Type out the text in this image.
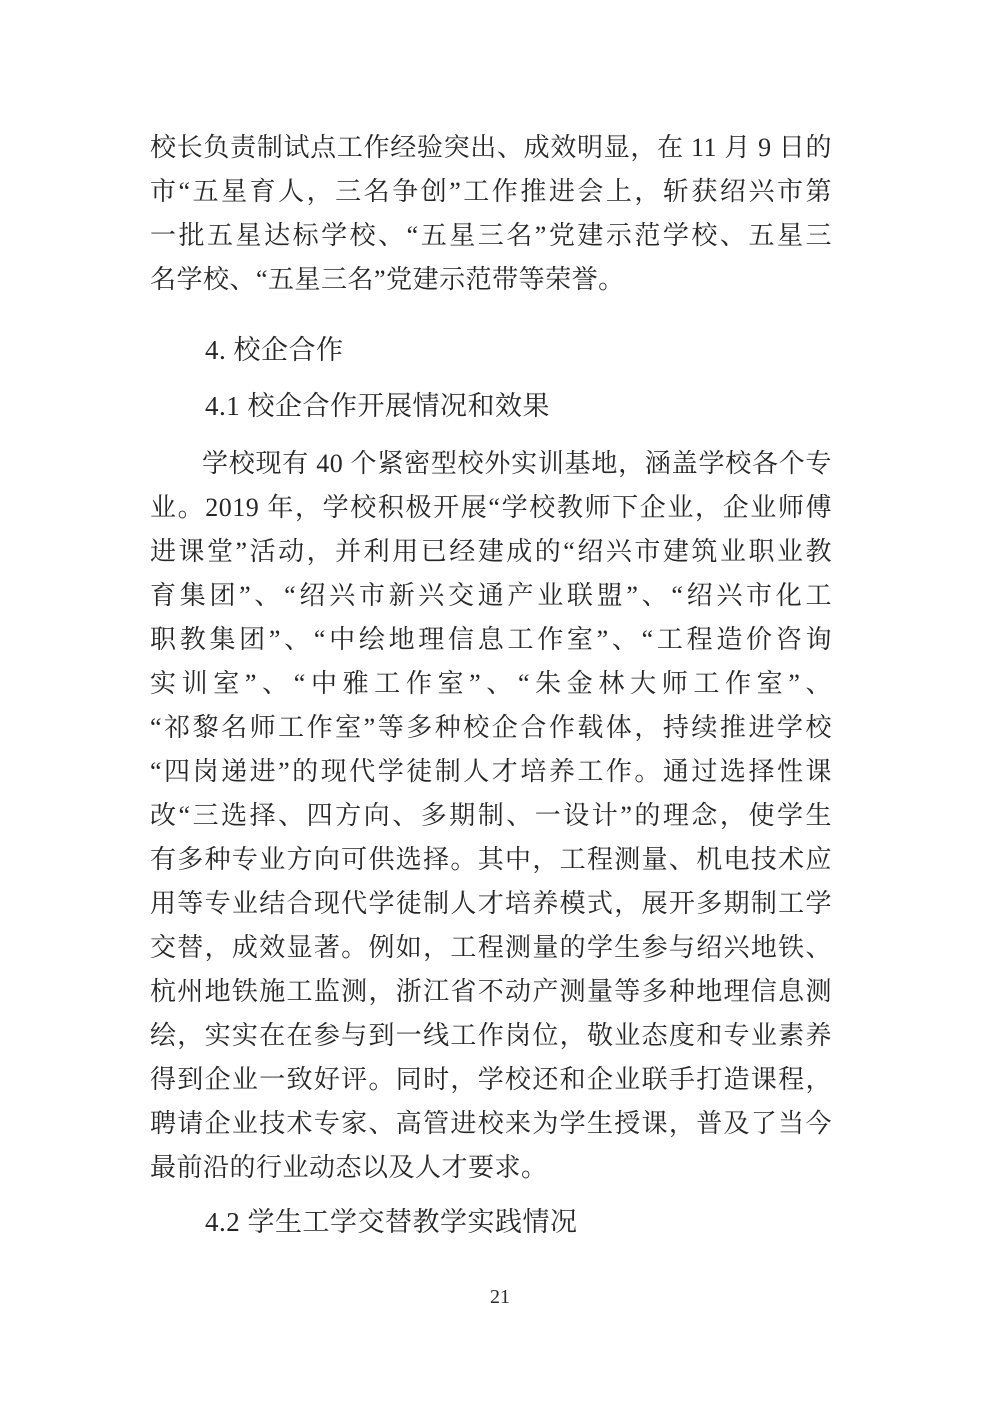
校长负责制试点工作经验突出、成效明显，在 11 月 9 日的
市“五星育人，三名争创”工作推进会上，斩获绍兴市第
一批五星达标学校、“五星三名”党建示范学校、五星三
名学校、“五星三名”党建示范带等荣誉。
4. 校企合作
4.1 校企合作开展情况和效果
学校现有 40 个紧密型校外实训基地，涵盖学校各个专
业。2019 年，学校积极开展“学校教师下企业，企业师傅
进课堂”活动，并利用已经建成的“绍兴市建筑业职业教
育集团”、“绍兴市新兴交通产业联盟”、“绍兴市化工
职教集团”、“中绘地理信息工作室”、“工程造价咨询
实训室”、“中雅工作室”、“朱金林大师工作室”、
“祁黎名师工作室”等多种校企合作载体，持续推进学校
“四岗递进”的现代学徒制人才培养工作。通过选择性课
改“三选择、四方向、多期制、一设计”的理念，使学生
有多种专业方向可供选择。其中，工程测量、机电技术应
用等专业结合现代学徒制人才培养模式，展开多期制工学
交替，成效显著。例如，工程测量的学生参与绍兴地铁、
杭州地铁施工监测，浙江省不动产测量等多种地理信息测
绘，实实在在参与到一线工作岗位，敬业态度和专业素养
得到企业一致好评。同时，学校还和企业联手打造课程，
聘请企业技术专家、高管进校来为学生授课，普及了当今
最前沿的行业动态以及人才要求。
4.2 学生工学交替教学实践情况
21
